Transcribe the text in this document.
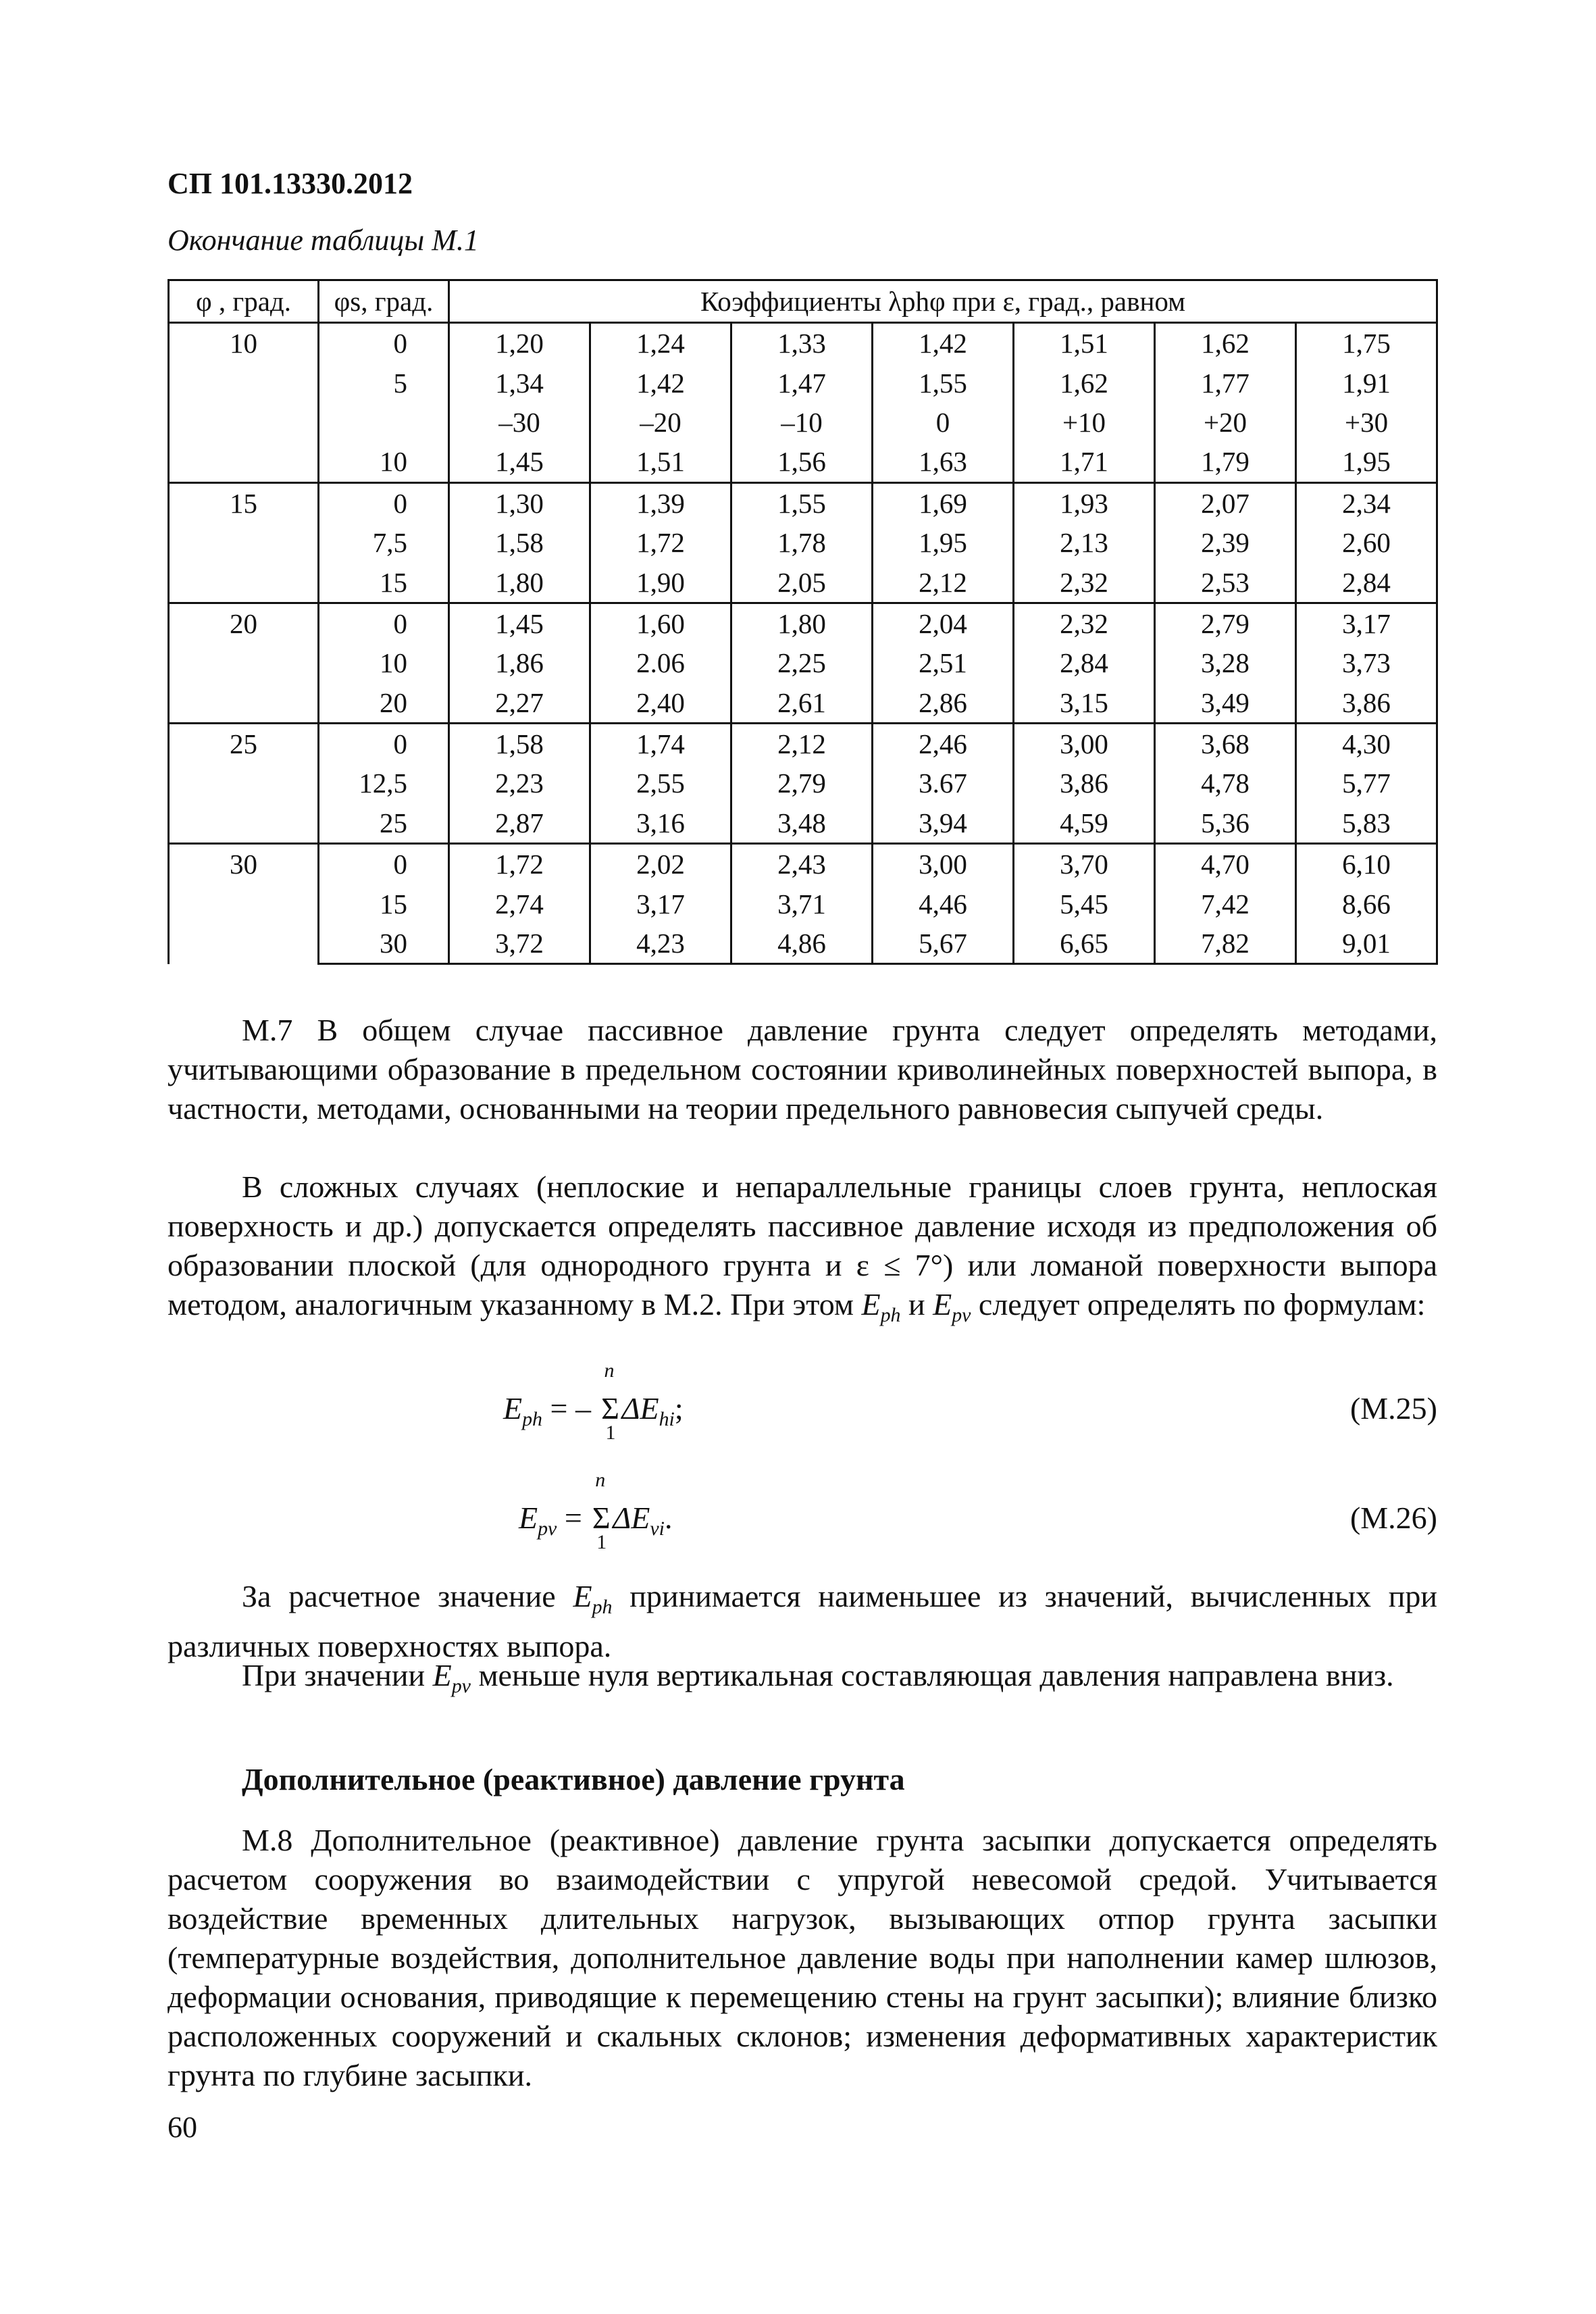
СП 101.13330.2012
Окончание таблицы М.1
φ , град.	φs, град.	Коэффициенты λphφ при ε, град., равном						
10	0	1,20	1,24	1,33	1,42	1,51	1,62	1,75
	5	1,34	1,42	1,47	1,55	1,62	1,77	1,91
		–30	–20	–10	0	+10	+20	+30
	10	1,45	1,51	1,56	1,63	1,71	1,79	1,95
15	0	1,30	1,39	1,55	1,69	1,93	2,07	2,34
	7,5	1,58	1,72	1,78	1,95	2,13	2,39	2,60
	15	1,80	1,90	2,05	2,12	2,32	2,53	2,84
20	0	1,45	1,60	1,80	2,04	2,32	2,79	3,17
	10	1,86	2.06	2,25	2,51	2,84	3,28	3,73
	20	2,27	2,40	2,61	2,86	3,15	3,49	3,86
25	0	1,58	1,74	2,12	2,46	3,00	3,68	4,30
	12,5	2,23	2,55	2,79	3.67	3,86	4,78	5,77
	25	2,87	3,16	3,48	3,94	4,59	5,36	5,83
30	0	1,72	2,02	2,43	3,00	3,70	4,70	6,10
	15	2,74	3,17	3,71	4,46	5,45	7,42	8,66
	30	3,72	4,23	4,86	5,67	6,65	7,82	9,01
М.7 В общем случае пассивное давление грунта следует определять методами, учитывающими образование в предельном состоянии криволинейных поверхностей выпора, в частности, методами, основанными на теории предельного равновесия сыпучей среды.
В сложных случаях (неплоские и непараллельные границы слоев грунта, неплоская поверхность и др.) допускается определять пассивное давление исходя из предположения об образовании плоской (для однородного грунта и ε ≤ 7°) или ломаной поверхности выпора методом, аналогичным указанному в М.2. При этом $E_{ph}$ и $E_{pv}$ следует определять по формулам:
$E_{ph}$ = – Σ
n
1
$\Delta E_{hi}$;	(М.25)
$E_{pv} = \Sigma$
n
1
$\Delta E_{vi}$.	(М.26)
За расчетное значение $E_{ph}$ принимается наименьшее из значений, вычисленных при различных поверхностях выпора.
При значении $E_{pv}$ меньше нуля вертикальная составляющая давления направлена вниз.
Дополнительное (реактивное) давление грунта
М.8 Дополнительное (реактивное) давление грунта засыпки допускается определять расчетом сооружения во взаимодействии с упругой невесомой средой. Учитывается воздействие временных длительных нагрузок, вызывающих отпор грунта засыпки (температурные воздействия, дополнительное давление воды при наполнении камер шлюзов, деформации основания, приводящие к перемещению стены на грунт засыпки); влияние близко расположенных сооружений и скальных склонов; изменения деформативных характеристик грунта по глубине засыпки.
60
